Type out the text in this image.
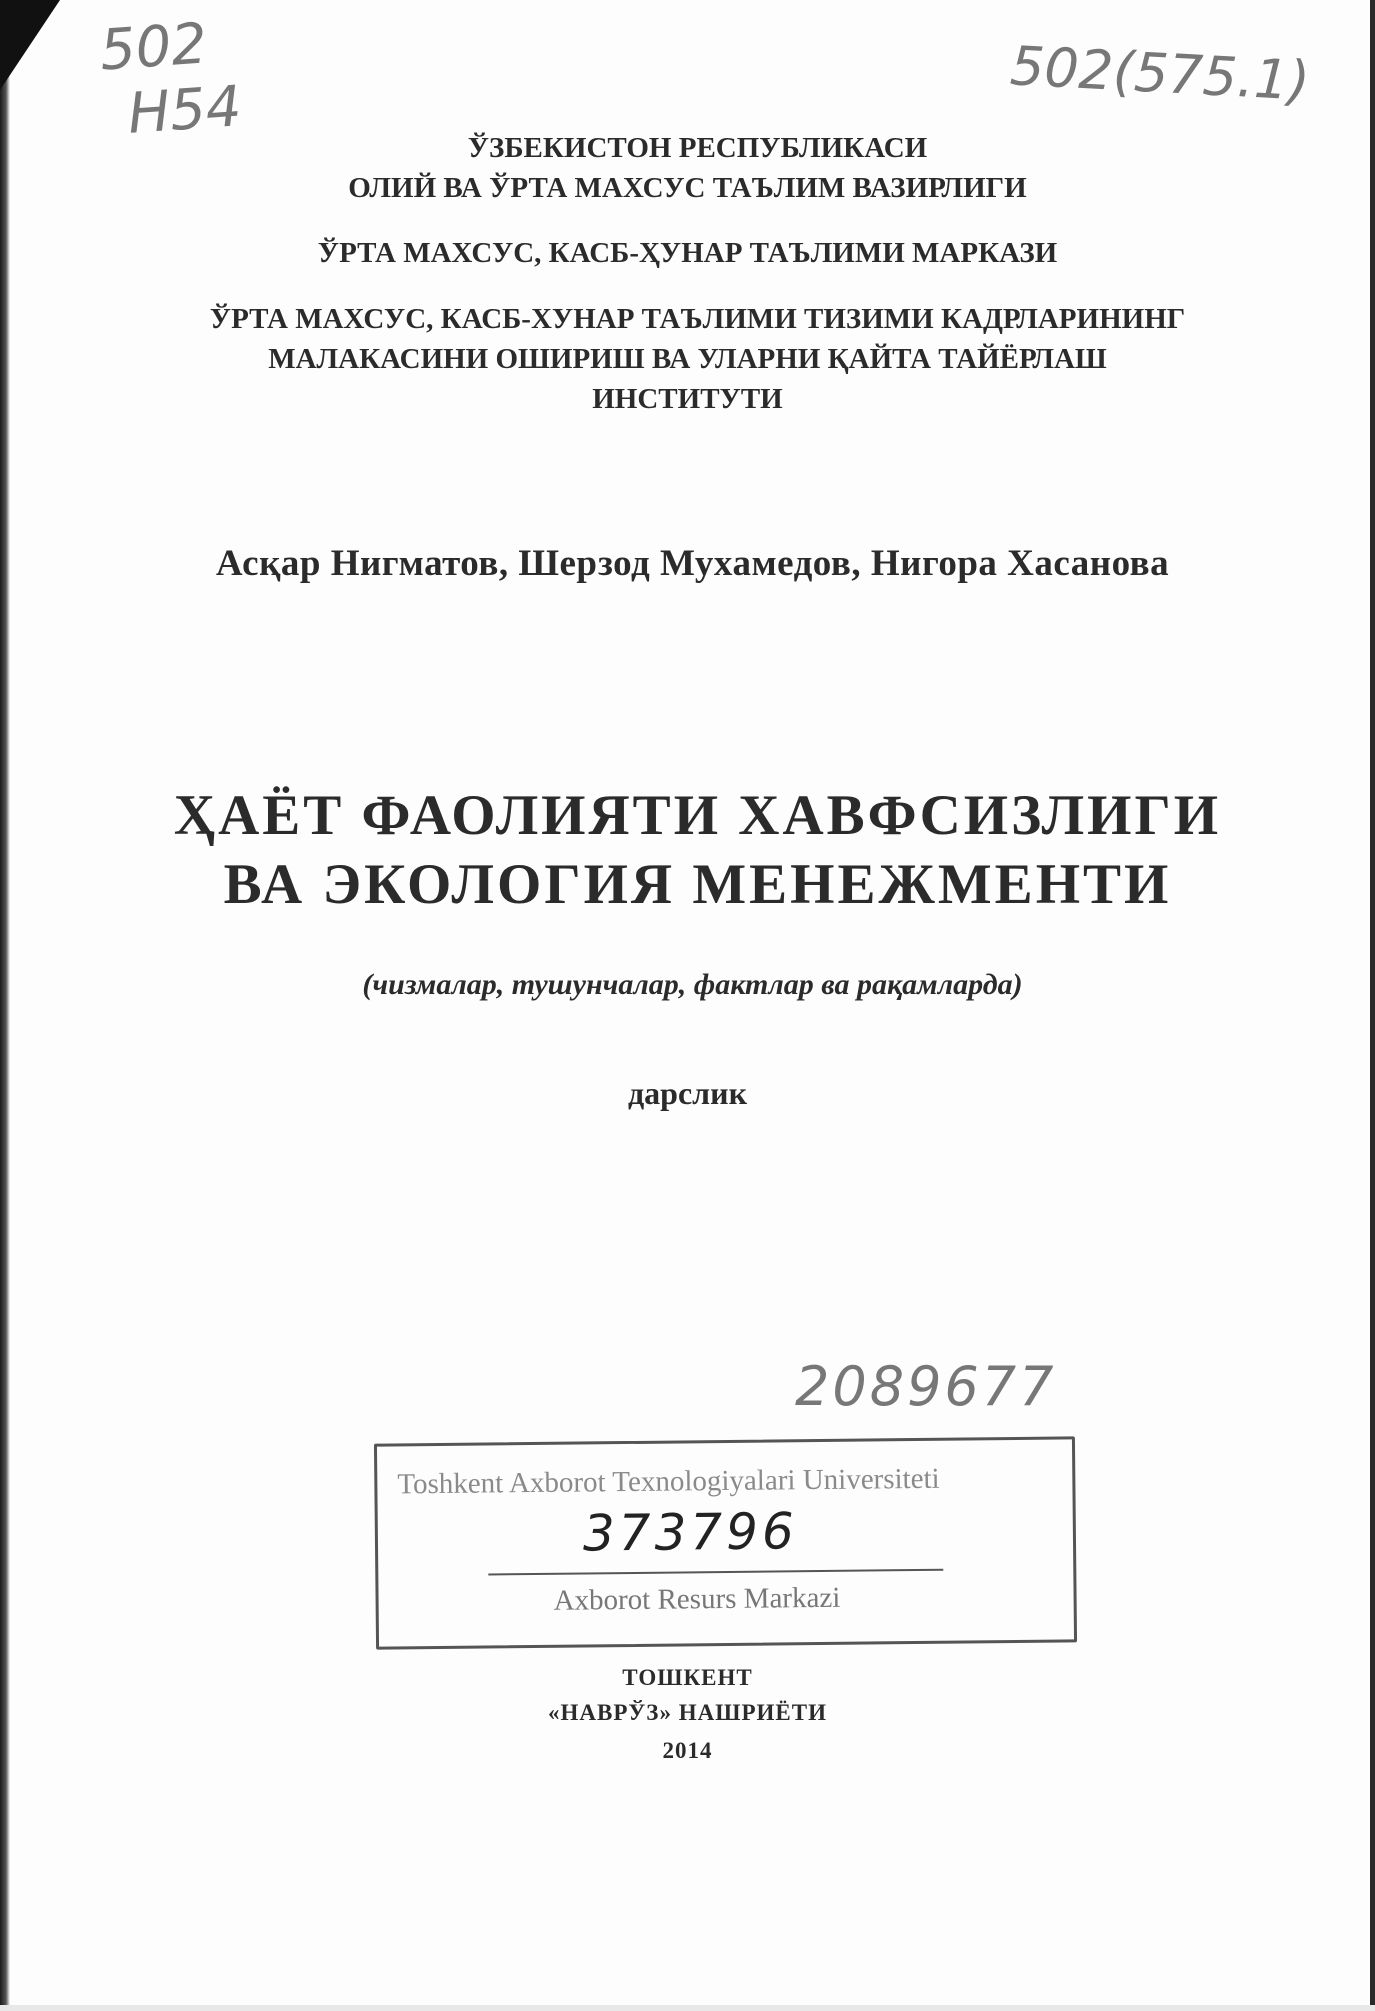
502
Н54	502(575.1)
ЎЗБЕКИСТОН РЕСПУБЛИКАСИ
ОЛИЙ ВА ЎРТА МАХСУС ТАЪЛИМ ВАЗИРЛИГИ
ЎРТА МАХСУС, КАСБ-ҲУНАР ТАЪЛИМИ МАРКАЗИ
ЎРТА МАХСУС, КАСБ-ХУНАР ТАЪЛИМИ ТИЗИМИ КАДРЛАРИНИНГ
МАЛАКАСИНИ ОШИРИШ ВА УЛАРНИ ҚАЙТА ТАЙЁРЛАШ
ИНСТИТУТИ
Асқар Нигматов, Шерзод Мухамедов, Нигора Хасанова
ҲАЁТ ФАОЛИЯТИ ХАВФСИЗЛИГИ
ВА ЭКОЛОГИЯ МЕНЕЖМЕНТИ
(чизмалар, тушунчалар, фактлар ва рақамларда)
дарслик
2089677
Toshkent Axborot Texnologiyalari Universiteti
373796
Axborot Resurs Markazi
ТОШКЕНТ
«НАВРЎЗ» НАШРИЁТИ
2014
